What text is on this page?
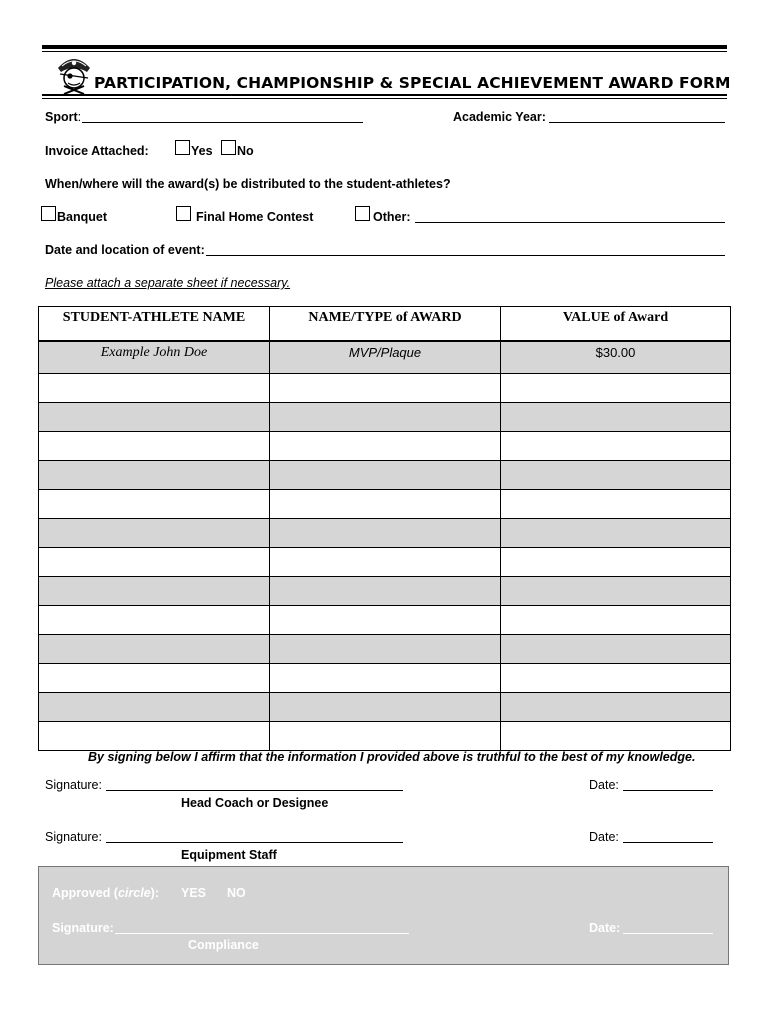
PARTICIPATION, CHAMPIONSHIP & SPECIAL ACHIEVEMENT AWARD FORM
Sport:	Academic Year:
Invoice Attached:	Yes No
When/where will the award(s) be distributed to the student-athletes?
Banquet	Final Home Contest	Other:
Date and location of event:
Please attach a separate sheet if necessary.
STUDENT-ATHLETE NAME	NAME/TYPE of AWARD	VALUE of Award
Example John Doe	MVP/Plaque	$30.00

By signing below I affirm that the information I provided above is truthful to the best of my knowledge.
Signature:	Date:
Head Coach or Designee
Signature:	Date:
Equipment Staff
Approved (circle): YES NO
Signature:	Date:
Compliance
